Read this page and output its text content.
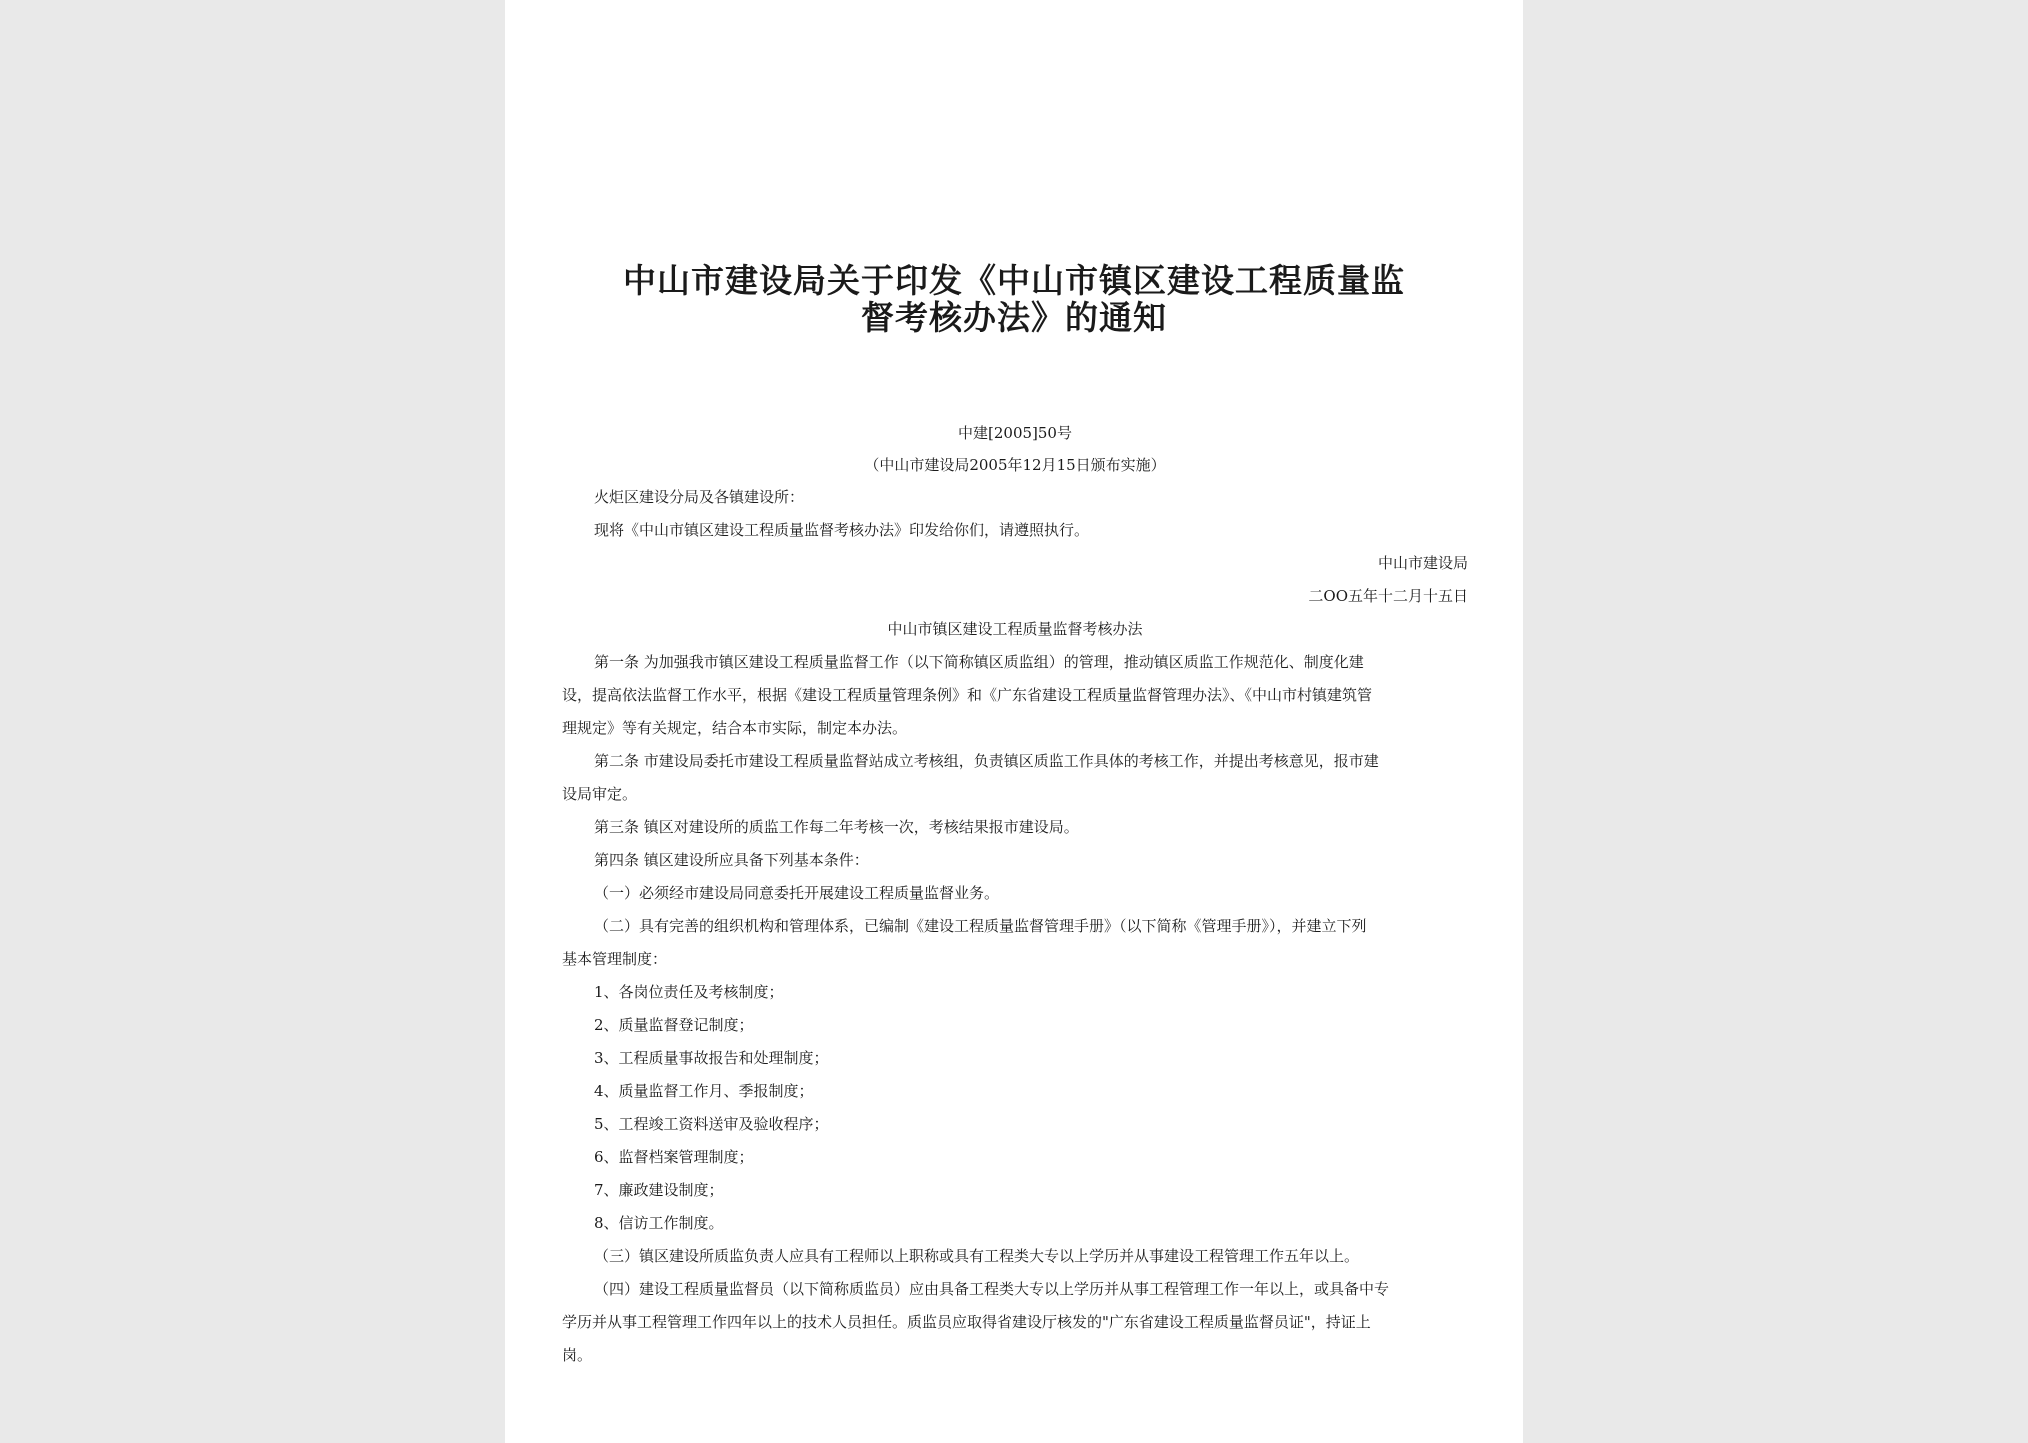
中山市建设局关于印发《中山市镇区建设工程质量监
督考核办法》的通知
中建[2005]50号
（中山市建设局2005年12月15日颁布实施）
火炬区建设分局及各镇建设所：
现将《中山市镇区建设工程质量监督考核办法》印发给你们，请遵照执行。
中山市建设局
二OO五年十二月十五日
中山市镇区建设工程质量监督考核办法
第一条 为加强我市镇区建设工程质量监督工作（以下简称镇区质监组）的管理，推动镇区质监工作规范化、制度化建
设，提高依法监督工作水平，根据《建设工程质量管理条例》和《广东省建设工程质量监督管理办法》、《中山市村镇建筑管
理规定》等有关规定，结合本市实际，制定本办法。
第二条 市建设局委托市建设工程质量监督站成立考核组，负责镇区质监工作具体的考核工作，并提出考核意见，报市建
设局审定。
第三条 镇区对建设所的质监工作每二年考核一次，考核结果报市建设局。
第四条 镇区建设所应具备下列基本条件：
（一）必须经市建设局同意委托开展建设工程质量监督业务。
（二）具有完善的组织机构和管理体系，已编制《建设工程质量监督管理手册》（以下简称《管理手册》），并建立下列
基本管理制度：
1、各岗位责任及考核制度；
2、质量监督登记制度；
3、工程质量事故报告和处理制度；
4、质量监督工作月、季报制度；
5、工程竣工资料送审及验收程序；
6、监督档案管理制度；
7、廉政建设制度；
8、信访工作制度。
（三）镇区建设所质监负责人应具有工程师以上职称或具有工程类大专以上学历并从事建设工程管理工作五年以上。
（四）建设工程质量监督员（以下简称质监员）应由具备工程类大专以上学历并从事工程管理工作一年以上，或具备中专
学历并从事工程管理工作四年以上的技术人员担任。质监员应取得省建设厅核发的"广东省建设工程质量监督员证"，持证上
岗。
